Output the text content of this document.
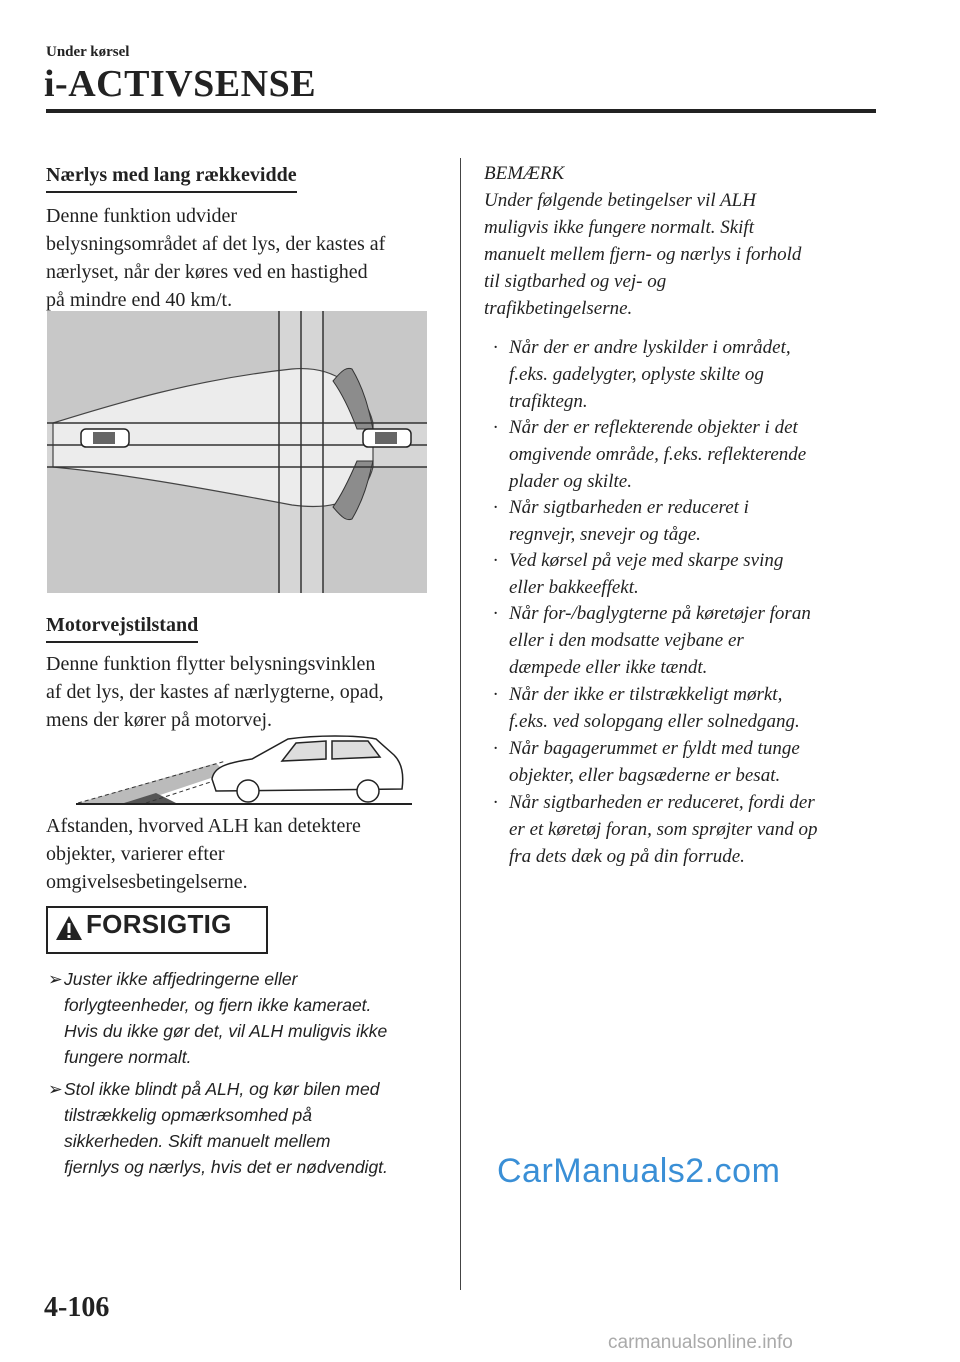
Under kørsel
i-ACTIVSENSE
Nærlys med lang rækkevidde
Denne funktion udvider
belysningsområdet af det lys, der kastes af
nærlyset, når der køres ved en hastighed
på mindre end 40 km/t.
Motorvejstilstand
Denne funktion flytter belysningsvinklen
af det lys, der kastes af nærlygterne, opad,
mens der kører på motorvej.
Afstanden, hvorved ALH kan detektere
objekter, varierer efter
omgivelsesbetingelserne.
FORSIGTIG
➢ Juster ikke affjedringerne eller
forlygteenheder, og fjern ikke kameraet.
Hvis du ikke gør det, vil ALH muligvis ikke
fungere normalt.
➢ Stol ikke blindt på ALH, og kør bilen med
tilstrækkelig opmærksomhed på
sikkerheden. Skift manuelt mellem
fjernlys og nærlys, hvis det er nødvendigt.
BEMÆRK
Under følgende betingelser vil ALH
muligvis ikke fungere normalt. Skift
manuelt mellem fjern- og nærlys i forhold
til sigtbarhed og vej- og
trafikbetingelserne.
· Når der er andre lyskilder i området,
f.eks. gadelygter, oplyste skilte og
trafiktegn.
· Når der er reflekterende objekter i det
omgivende område, f.eks. reflekterende
plader og skilte.
· Når sigtbarheden er reduceret i
regnvejr, snevejr og tåge.
· Ved kørsel på veje med skarpe sving
eller bakkeeffekt.
· Når for-/baglygterne på køretøjer foran
eller i den modsatte vejbane er
dæmpede eller ikke tændt.
· Når der ikke er tilstrækkeligt mørkt,
f.eks. ved solopgang eller solnedgang.
· Når bagagerummet er fyldt med tunge
objekter, eller bagsæderne er besat.
· Når sigtbarheden er reduceret, fordi der
er et køretøj foran, som sprøjter vand op
fra dets dæk og på din forrude.
CarManuals2.com
4-106
carmanualsonline.info
